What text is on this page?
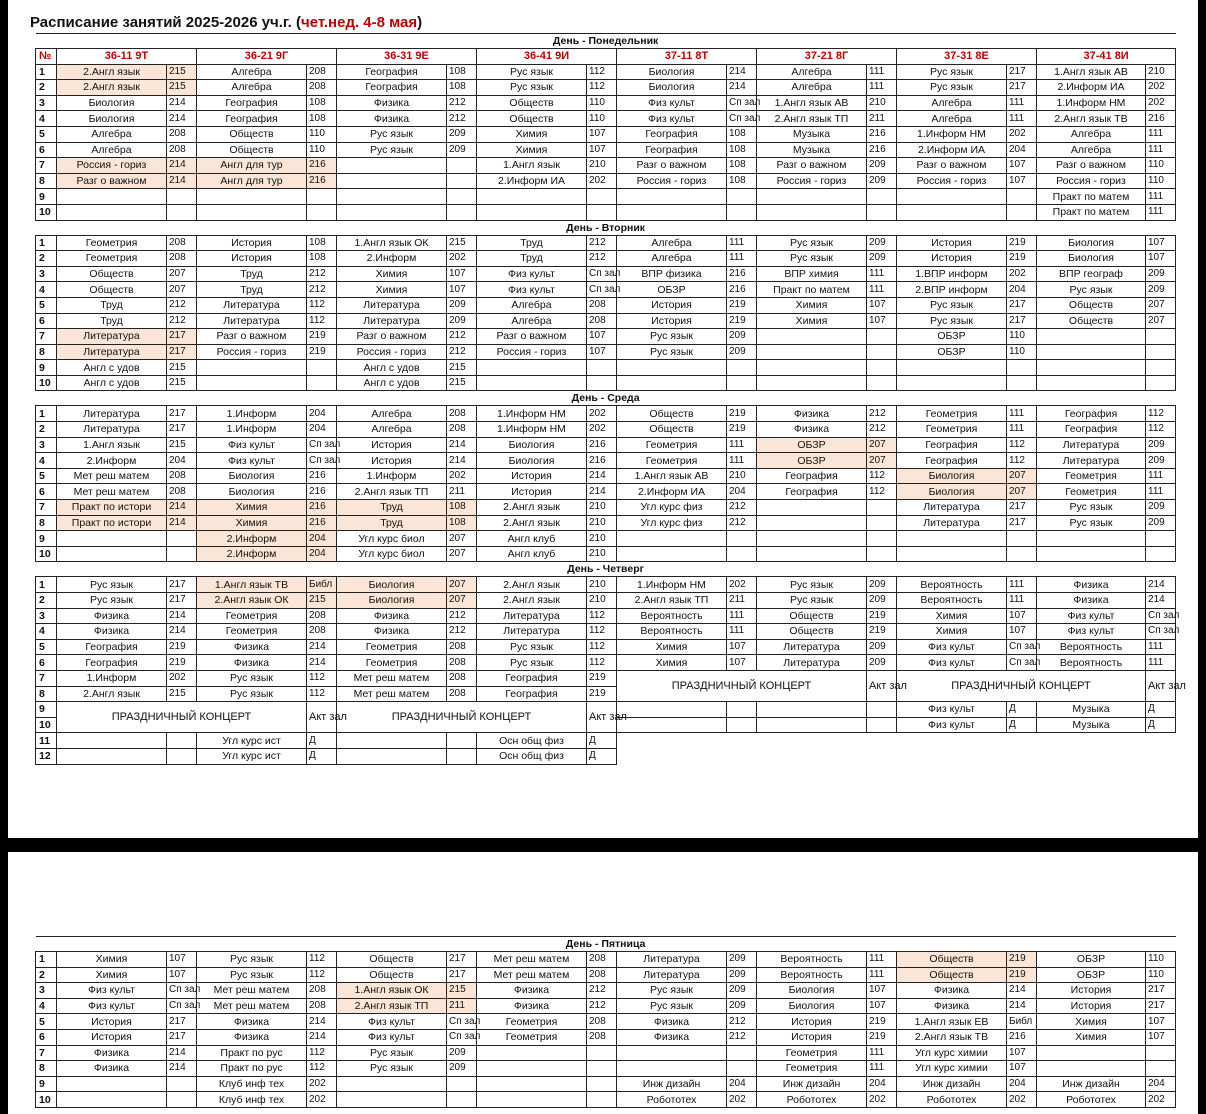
Расписание занятий 2025-2026 уч.г. (чет.нед. 4-8 мая)
День - Понедельник																	
№	36-11 9Т		36-21 9Г		36-31 9Е		36-41 9И		37-11 8Т		37-21 8Г		37-31 8Е		37-41 8И		
1	2.Англ язык	215	Алгебра	208	География	108	Рус язык	112	Биология	214	Алгебра	111	Рус язык	217	1.Англ язык АВ	210	
2	2.Англ язык	215	Алгебра	208	География	108	Рус язык	112	Биология	214	Алгебра	111	Рус язык	217	2.Информ ИА	202	
3	Биология	214	География	108	Физика	212	Обществ	110	Физ культ	Сп зал	1.Англ язык АВ	210	Алгебра	111	1.Информ НМ	202	
4	Биология	214	География	108	Физика	212	Обществ	110	Физ культ	Сп зал	2.Англ язык ТП	211	Алгебра	111	2.Англ язык ТВ	216	
5	Алгебра	208	Обществ	110	Рус язык	209	Химия	107	География	108	Музыка	216	1.Информ НМ	202	Алгебра	111	
6	Алгебра	208	Обществ	110	Рус язык	209	Химия	107	География	108	Музыка	216	2.Информ ИА	204	Алгебра	111	
7	Россия - гориз	214	Англ для тур	216			1.Англ язык	210	Разг о важном	108	Разг о важном	209	Разг о важном	107	Разг о важном	110	
8	Разг о важном	214	Англ для тур	216			2.Информ ИА	202	Россия - гориз	108	Россия - гориз	209	Россия - гориз	107	Россия - гориз	110	
9															Практ по матем	111	
10															Практ по матем	111	
День - Вторник																	
1	Геометрия	208	История	108	1.Англ язык ОК	215	Труд	212	Алгебра	111	Рус язык	209	История	219	Биология	107	
2	Геометрия	208	История	108	2.Информ	202	Труд	212	Алгебра	111	Рус язык	209	История	219	Биология	107	
3	Обществ	207	Труд	212	Химия	107	Физ культ	Сп зал	ВПР физика	216	ВПР химия	111	1.ВПР информ	202	ВПР географ	209	
4	Обществ	207	Труд	212	Химия	107	Физ культ	Сп зал	ОБЗР	216	Практ по матем	111	2.ВПР информ	204	Рус язык	209	
5	Труд	212	Литература	112	Литература	209	Алгебра	208	История	219	Химия	107	Рус язык	217	Обществ	207	
6	Труд	212	Литература	112	Литература	209	Алгебра	208	История	219	Химия	107	Рус язык	217	Обществ	207	
7	Литература	217	Разг о важном	219	Разг о важном	212	Разг о важном	107	Рус язык	209			ОБЗР	110			
8	Литература	217	Россия - гориз	219	Россия - гориз	212	Россия - гориз	107	Рус язык	209			ОБЗР	110			
9	Англ с удов	215			Англ с удов	215											
10	Англ с удов	215			Англ с удов	215											
День - Среда																	
1	Литература	217	1.Информ	204	Алгебра	208	1.Информ НМ	202	Обществ	219	Физика	212	Геометрия	111	География	112	
2	Литература	217	1.Информ	204	Алгебра	208	1.Информ НМ	202	Обществ	219	Физика	212	Геометрия	111	География	112	
3	1.Англ язык	215	Физ культ	Сп зал	История	214	Биология	216	Геометрия	111	ОБЗР	207	География	112	Литература	209	
4	2.Информ	204	Физ культ	Сп зал	История	214	Биология	216	Геометрия	111	ОБЗР	207	География	112	Литература	209	
5	Мет реш матем	208	Биология	216	1.Информ	202	История	214	1.Англ язык АВ	210	География	112	Биология	207	Геометрия	111	
6	Мет реш матем	208	Биология	216	2.Англ язык ТП	211	История	214	2.Информ ИА	204	География	112	Биология	207	Геометрия	111	
7	Практ по истори	214	Химия	216	Труд	108	2.Англ язык	210	Угл курс физ	212			Литература	217	Рус язык	209	
8	Практ по истори	214	Химия	216	Труд	108	2.Англ язык	210	Угл курс физ	212			Литература	217	Рус язык	209	
9			2.Информ	204	Угл курс биол	207	Англ клуб	210									
10			2.Информ	204	Угл курс биол	207	Англ клуб	210									
День - Четверг																	
1	Рус язык	217	1.Англ язык ТВ	Библ	Биология	207	2.Англ язык	210	1.Информ НМ	202	Рус язык	209	Вероятность	111	Физика	214	
2	Рус язык	217	2.Англ язык ОК	215	Биология	207	2.Англ язык	210	2.Англ язык ТП	211	Рус язык	209	Вероятность	111	Физика	214	
3	Физика	214	Геометрия	208	Физика	212	Литература	112	Вероятность	111	Обществ	219	Химия	107	Физ культ	Сп зал	
4	Физика	214	Геометрия	208	Физика	212	Литература	112	Вероятность	111	Обществ	219	Химия	107	Физ культ	Сп зал	
5	География	219	Физика	214	Геометрия	208	Рус язык	112	Химия	107	Литература	209	Физ культ	Сп зал	Вероятность	111	
6	География	219	Физика	214	Геометрия	208	Рус язык	112	Химия	107	Литература	209	Физ культ	Сп зал	Вероятность	111	
7	1.Информ	202	Рус язык	112	Мет реш матем	208	География	219	ПРАЗДНИЧНЫЙ КОНЦЕРТ			Акт зал	ПРАЗДНИЧНЫЙ КОНЦЕРТ			Акт зал	
8	2.Англ язык	215	Рус язык	112	Мет реш матем	208	География	219									
9	ПРАЗДНИЧНЫЙ КОНЦЕРТ			Акт зал	ПРАЗДНИЧНЫЙ КОНЦЕРТ			Акт зал					Физ культ	Д	Музыка	Д		
10													Физ культ	Д	Музыка	Д		
11			Угл курс ист	Д			Осн общ физ	Д									
12			Угл курс ист	Д			Осн общ физ	Д									
День - Пятница																
1	Химия	107	Рус язык	112	Обществ	217	Мет реш матем	208	Литература	209	Вероятность	111	Обществ	219	ОБЗР	110
2	Химия	107	Рус язык	112	Обществ	217	Мет реш матем	208	Литература	209	Вероятность	111	Обществ	219	ОБЗР	110
3	Физ культ	Сп зал	Мет реш матем	208	1.Англ язык ОК	215	Физика	212	Рус язык	209	Биология	107	Физика	214	История	217
4	Физ культ	Сп зал	Мет реш матем	208	2.Англ язык ТП	211	Физика	212	Рус язык	209	Биология	107	Физика	214	История	217
5	История	217	Физика	214	Физ культ	Сп зал	Геометрия	208	Физика	212	История	219	1.Англ язык ЕВ	Библ	Химия	107
6	История	217	Физика	214	Физ культ	Сп зал	Геометрия	208	Физика	212	История	219	2.Англ язык ТВ	216	Химия	107
7	Физика	214	Практ по рус	112	Рус язык	209					Геометрия	111	Угл курс химии	107		
8	Физика	214	Практ по рус	112	Рус язык	209					Геометрия	111	Угл курс химии	107		
9			Клуб инф тех	202					Инж дизайн	204	Инж дизайн	204	Инж дизайн	204	Инж дизайн	204
10			Клуб инф тех	202					Робототех	202	Робототех	202	Робототех	202	Робототех	202
